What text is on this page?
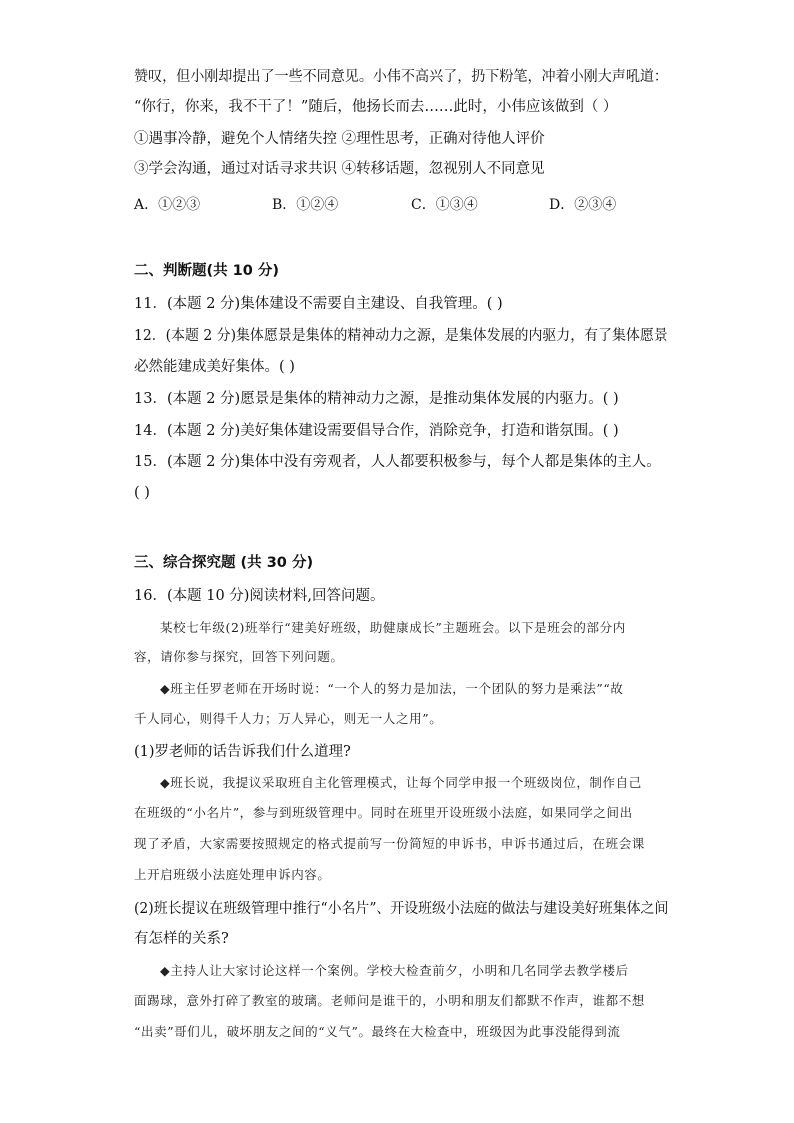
赞叹，但小刚却提出了一些不同意见。小伟不高兴了，扔下粉笔，冲着小刚大声吼道：
“你行，你来，我不干了！”随后，他扬长而去……此时，小伟应该做到（ ）
①遇事冷静，避免个人情绪失控 ②理性思考，正确对待他人评价
③学会沟通，通过对话寻求共识 ④转移话题，忽视别人不同意见
A．①②③	B．①②④	C．①③④	D．②③④
二、判断题(共 10 分)
11．(本题 2 分)集体建设不需要自主建设、自我管理。( )
12．(本题 2 分)集体愿景是集体的精神动力之源，是集体发展的内驱力，有了集体愿景
必然能建成美好集体。( )
13．(本题 2 分)愿景是集体的精神动力之源，是推动集体发展的内驱力。( )
14．(本题 2 分)美好集体建设需要倡导合作，消除竞争，打造和谐氛围。( )
15．(本题 2 分)集体中没有旁观者，人人都要积极参与，每个人都是集体的主人。
( )
三、综合探究题 (共 30 分)
16．(本题 10 分)阅读材料,回答问题。
某校七年级(2)班举行“建美好班级，助健康成长”主题班会。以下是班会的部分内
容，请你参与探究，回答下列问题。
◆班主任罗老师在开场时说：“一个人的努力是加法，一个团队的努力是乘法”“故
千人同心，则得千人力；万人异心，则无一人之用”。
(1)罗老师的话告诉我们什么道理?
◆班长说，我提议采取班自主化管理模式，让每个同学申报一个班级岗位，制作自己
在班级的“小名片”，参与到班级管理中。同时在班里开设班级小法庭，如果同学之间出
现了矛盾，大家需要按照规定的格式提前写一份简短的申诉书，申诉书通过后，在班会课
上开启班级小法庭处理申诉内容。
(2)班长提议在班级管理中推行“小名片”、开设班级小法庭的做法与建设美好班集体之间
有怎样的关系?
◆主持人让大家讨论这样一个案例。学校大检查前夕，小明和几名同学去教学楼后
面踢球，意外打碎了教室的玻璃。老师问是谁干的，小明和朋友们都默不作声，谁都不想
“出卖”哥们儿，破坏朋友之间的“义气”。最终在大检查中，班级因为此事没能得到流
